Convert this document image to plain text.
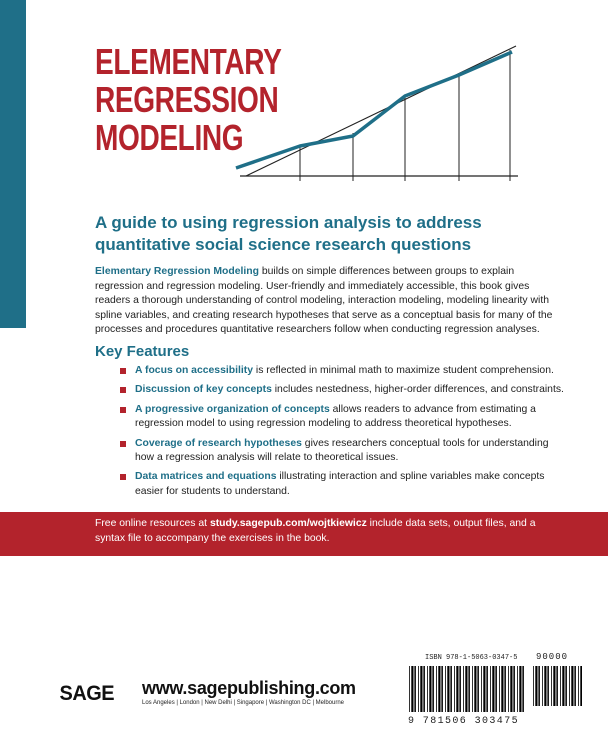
ELEMENTARY
REGRESSION
MODELING
A guide to using regression analysis to address quantitative social science research questions
Elementary Regression Modeling builds on simple differences between groups to explain regression and regression modeling. User-friendly and immediately accessible, this book gives readers a thorough understanding of control modeling, interaction modeling, modeling linearity with spline variables, and creating research hypotheses that serve as a conceptual basis for many of the processes and procedures quantitative researchers follow when conducting regression analyses.
Key Features
A focus on accessibility is reflected in minimal math to maximize student comprehension.
Discussion of key concepts includes nestedness, higher-order differences, and constraints.
A progressive organization of concepts allows readers to advance from estimating a regression model to using regression modeling to address theoretical hypotheses.
Coverage of research hypotheses gives researchers conceptual tools for understanding how a regression analysis will relate to theoretical issues.
Data matrices and equations illustrating interaction and spline variables make concepts easier for students to understand.
Free online resources at study.sagepub.com/wojtkiewicz include data sets, output files, and a syntax file to accompany the exercises in the book.
SAGE www.sagepublishing.com
Los Angeles | London | New Delhi | Singapore | Washington DC | Melbourne
ISBN 978-1-5063-0347-5
9 781506 303475
90000
